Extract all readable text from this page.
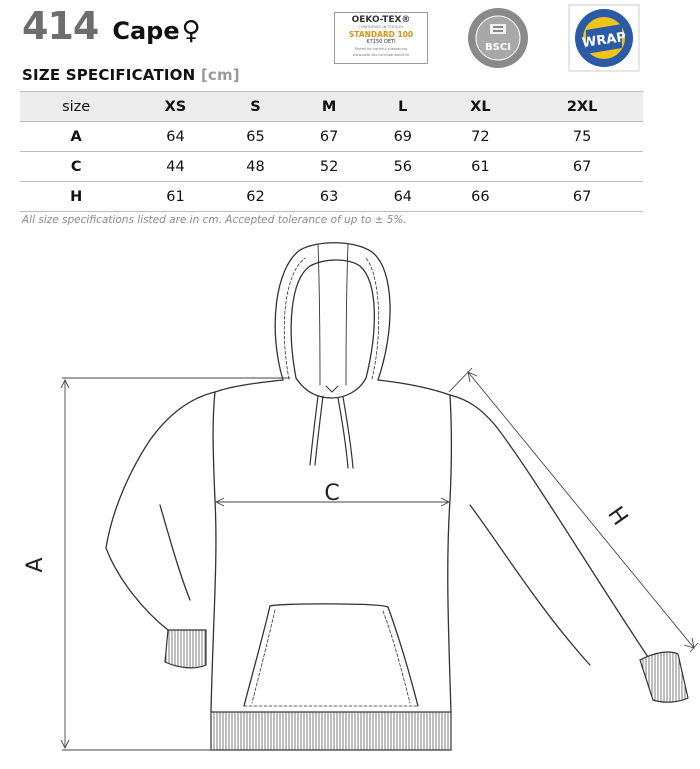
414 Cape ♀	OEKO-TEX®
CONFIDENCE IN TEXTILES
STANDARD 100
67150 OETI
Tested for harmful substances
www.oeko-tex.com/standard100
BSCI	WRAP
SIZE SPECIFICATION [cm]
size	XS	S	M	L	XL	2XL
A	64	65	67	69	72	75
C	44	48	52	56	61	67
H	61	62	63	64	66	67
All size specifications listed are in cm. Accepted tolerance of up to ± 5%.
A
C
H
